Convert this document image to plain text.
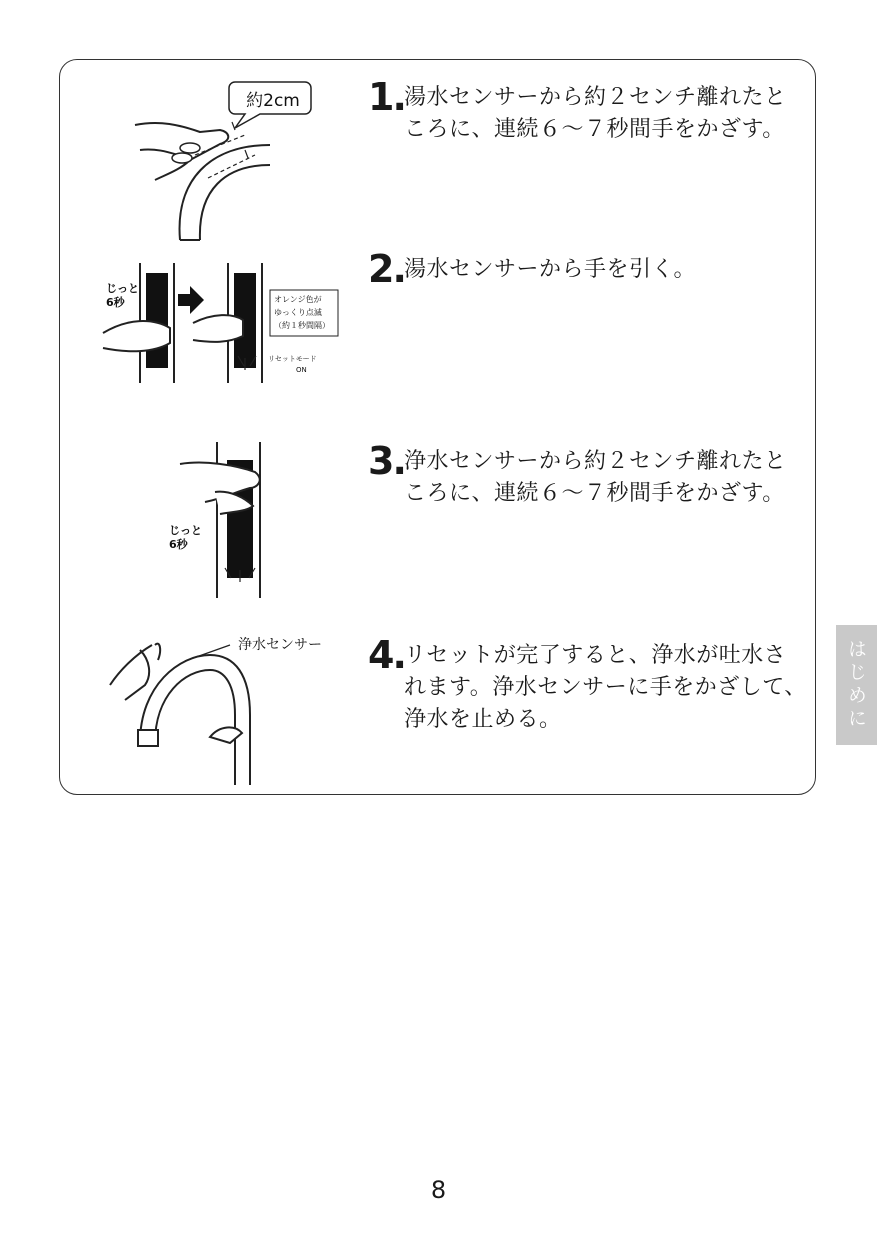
1. 湯水センサーから約２センチ離れたと
ころに、連続６～７秒間手をかざす。
2. 湯水センサーから手を引く。
3. 浄水センサーから約２センチ離れたと
ころに、連続６～７秒間手をかざす。
4. リセットが完了すると、浄水が吐水さ
れます。浄水センサーに手をかざして、
浄水を止める。
約2cm
じっと
6秒	オレンジ色が
ゆっくり点滅
（約１秒間隔）
リセットモード
ON
じっと
6秒
浄水センサー	はじめに
8
